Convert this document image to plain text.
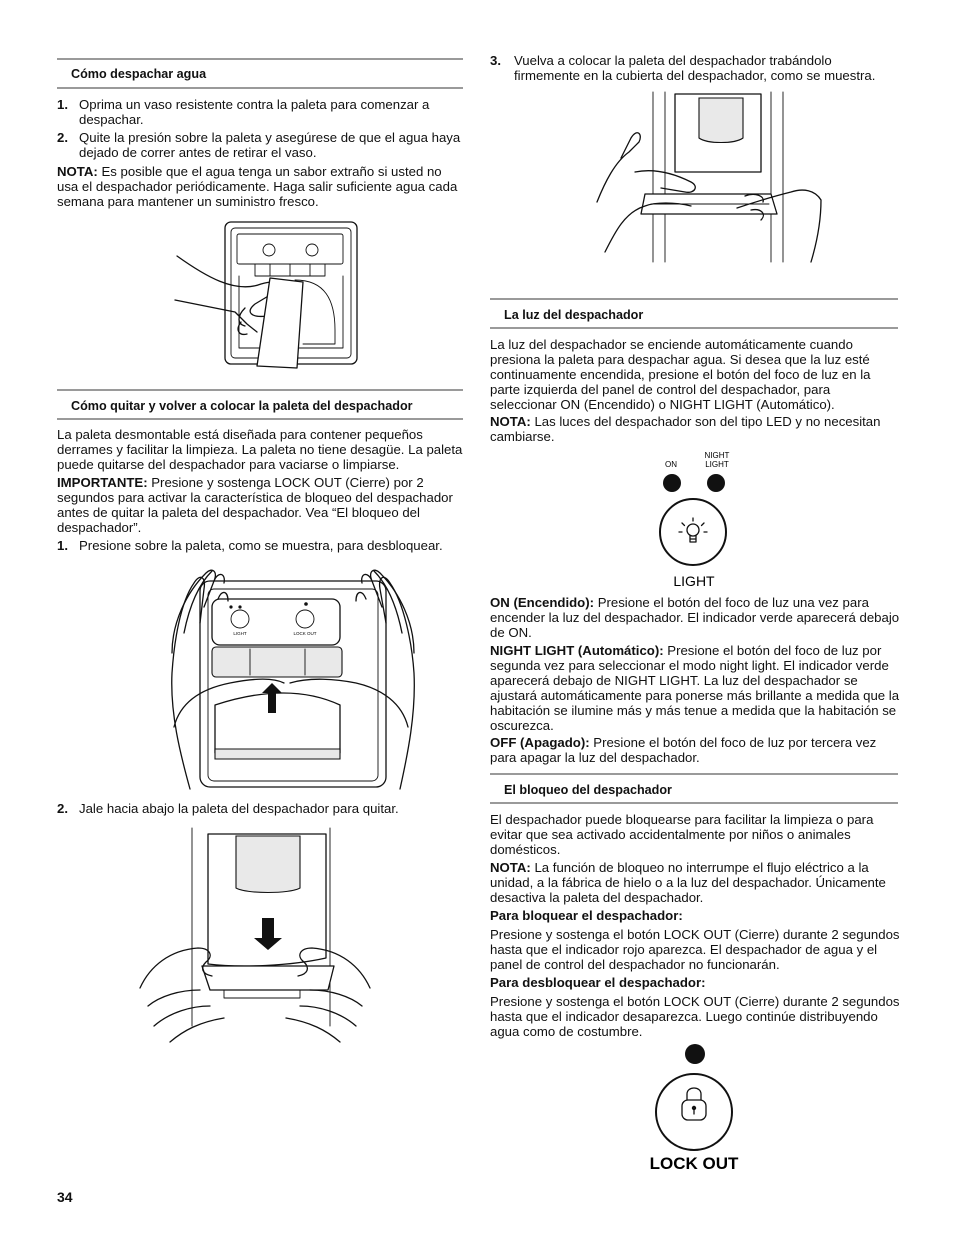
Cómo despachar agua
1. Oprima un vaso resistente contra la paleta para comenzar a despachar.

2. Quite la presión sobre la paleta y asegúrese de que el agua haya dejado de correr antes de retirar el vaso.

NOTA: Es posible que el agua tenga un sabor extraño si usted no usa el despachador periódicamente. Haga salir suficiente agua cada semana para mantener un suministro fresco.

Cómo quitar y volver a colocar la paleta del despachador

La paleta desmontable está diseñada para contener pequeños derrames y facilitar la limpieza. La paleta no tiene desagüe. La paleta puede quitarse del despachador para vaciarse o limpiarse.

IMPORTANTE: Presione y sostenga LOCK OUT (Cierre) por 2 segundos para activar la característica de bloqueo del despachador antes de quitar la paleta del despachador. Vea “El bloqueo del despachador”.

1. Presione sobre la paleta, como se muestra, para desbloquear.

LIGHT	LOCK OUT
2. Jale hacia abajo la paleta del despachador para quitar.

3. Vuelva a colocar la paleta del despachador trabándolo firmemente en la cubierta del despachador, como se muestra.

La luz del despachador

La luz del despachador se enciende automáticamente cuando presiona la paleta para despachar agua. Si desea que la luz esté continuamente encendida, presione el botón del foco de luz en la parte izquierda del panel de control del despachador, para seleccionar ON (Encendido) o NIGHT LIGHT (Automático).

NOTA: Las luces del despachador son del tipo LED y no necesitan cambiarse.

ON
NIGHT
LIGHT
LIGHT

ON (Encendido): Presione el botón del foco de luz una vez para encender la luz del despachador. El indicador verde aparecerá debajo de ON.

NIGHT LIGHT (Automático): Presione el botón del foco de luz por segunda vez para seleccionar el modo night light. El indicador verde aparecerá debajo de NIGHT LIGHT. La luz del despachador se ajustará automáticamente para ponerse más brillante a medida que la habitación se ilumine más y más tenue a medida que la habitación se oscurezca.

OFF (Apagado): Presione el botón del foco de luz por tercera vez para apagar la luz del despachador.

El bloqueo del despachador

El despachador puede bloquearse para facilitar la limpieza o para evitar que sea activado accidentalmente por niños o animales domésticos.

NOTA: La función de bloqueo no interrumpe el flujo eléctrico a la unidad, a la fábrica de hielo o a la luz del despachador. Únicamente desactiva la paleta del despachador.

Para bloquear el despachador:

Presione y sostenga el botón LOCK OUT (Cierre) durante 2 segundos hasta que el indicador rojo aparezca. El despachador de agua y el panel de control del despachador no funcionarán.

Para desbloquear el despachador:

Presione y sostenga el botón LOCK OUT (Cierre) durante 2 segundos hasta que el indicador desaparezca. Luego continúe distribuyendo agua como de costumbre.

LOCK OUT
34
